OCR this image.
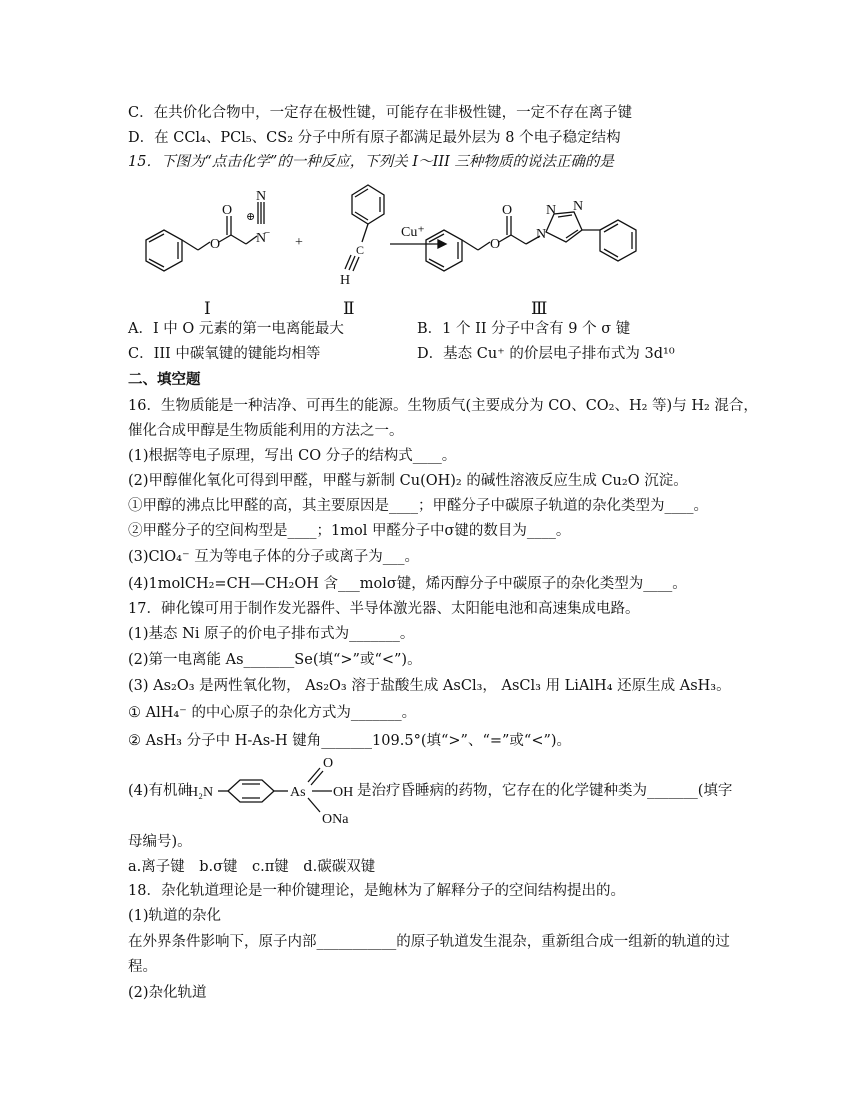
C．在共价化合物中，一定存在极性键，可能存在非极性键，一定不存在离子键
D．在 CCl₄、PCl₅、CS₂ 分子中所有原子都满足最外层为 8 个电子稳定结构
15．下图为“点击化学”的一种反应，下列关 I～III 三种物质的说法正确的是
O
O
N
N
⊕
−
+	C
H
Cu⁺
O
O
N
N N
Ⅰ	Ⅱ	Ⅲ
A．I 中 O 元素的第一电离能最大	B．1 个 II 分子中含有 9 个 σ 键
C．III 中碳氧键的键能均相等	D．基态 Cu⁺ 的价层电子排布式为 3d¹⁰
二、填空题
16．生物质能是一种洁净、可再生的能源。生物质气(主要成分为 CO、CO₂、H₂ 等)与 H₂ 混合，
催化合成甲醇是生物质能利用的方法之一。
(1)根据等电子原理，写出 CO 分子的结构式____。
(2)甲醇催化氧化可得到甲醛，甲醛与新制 Cu(OH)₂ 的碱性溶液反应生成 Cu₂O 沉淀。
①甲醇的沸点比甲醛的高，其主要原因是____；甲醛分子中碳原子轨道的杂化类型为____。
②甲醛分子的空间构型是____；1mol 甲醛分子中σ键的数目为____。
(3)ClO₄⁻ 互为等电子体的分子或离子为___。
(4)1molCH₂=CH—CH₂OH 含___molσ键，烯丙醇分子中碳原子的杂化类型为____。
17．砷化镍可用于制作发光器件、半导体激光器、太阳能电池和高速集成电路。
(1)基态 Ni 原子的价电子排布式为_______。
(2)第一电离能 As_______Se(填“>”或“<”)。
(3) As₂O₃ 是两性氧化物， As₂O₃ 溶于盐酸生成 AsCl₃， AsCl₃ 用 LiAlH₄ 还原生成 AsH₃。
① AlH₄⁻ 的中心原子的杂化方式为_______。
② AsH₃ 分子中 H-As-H 键角_______109.5°(填“>”、“=”或“<”)。
(4)有机砷
H₂N	As OH
O
ONa
是治疗昏睡病的药物，它存在的化学键种类为_______(填字
母编号)。
a.离子键　b.σ键　c.π键　d.碳碳双键
18．杂化轨道理论是一种价键理论，是鲍林为了解释分子的空间结构提出的。
(1)轨道的杂化
在外界条件影响下，原子内部___________的原子轨道发生混杂，重新组合成一组新的轨道的过
程。
(2)杂化轨道
